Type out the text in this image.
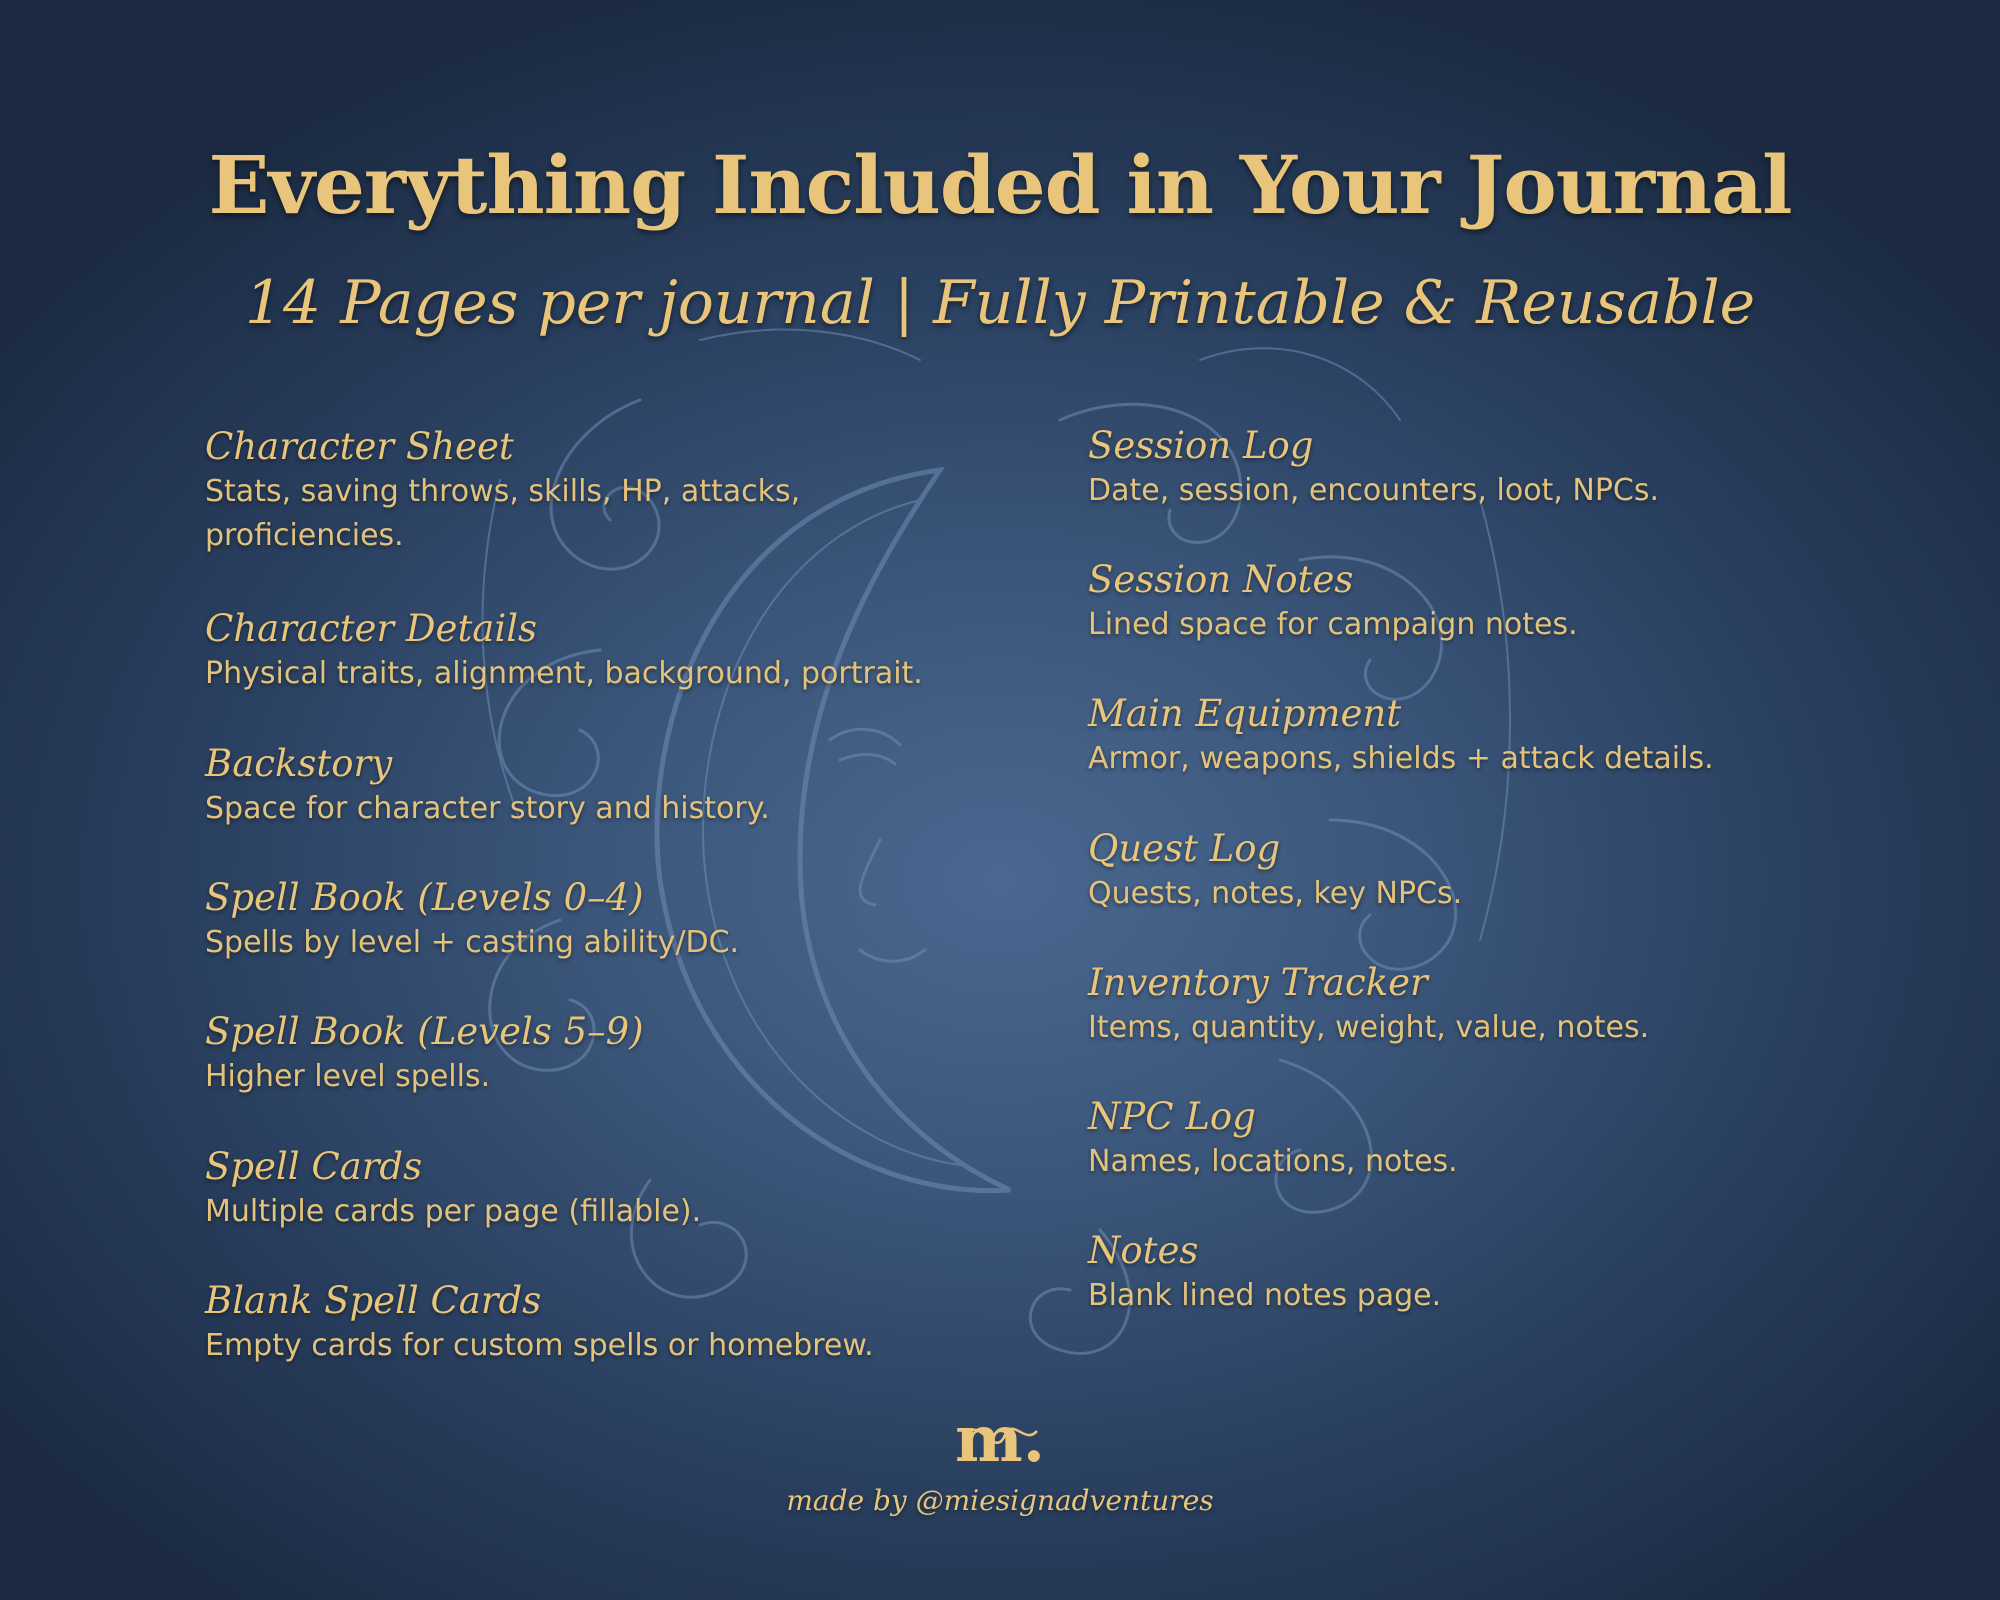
Everything Included in Your Journal
14 Pages per journal | Fully Printable & Reusable
Character Sheet
Stats, saving throws, skills, HP, attacks, proficiencies.
Character Details
Physical traits, alignment, background, portrait.
Backstory
Space for character story and history.
Spell Book (Levels 0–4)
Spells by level + casting ability/DC.
Spell Book (Levels 5–9)
Higher level spells.
Spell Cards
Multiple cards per page (fillable).
Blank Spell Cards
Empty cards for custom spells or homebrew.
Session Log
Date, session, encounters, loot, NPCs.
Session Notes
Lined space for campaign notes.
Main Equipment
Armor, weapons, shields + attack details.
Quest Log
Quests, notes, key NPCs.
Inventory Tracker
Items, quantity, weight, value, notes.
NPC Log
Names, locations, notes.
Notes
Blank lined notes page.
m.
made by @miesignadventures
